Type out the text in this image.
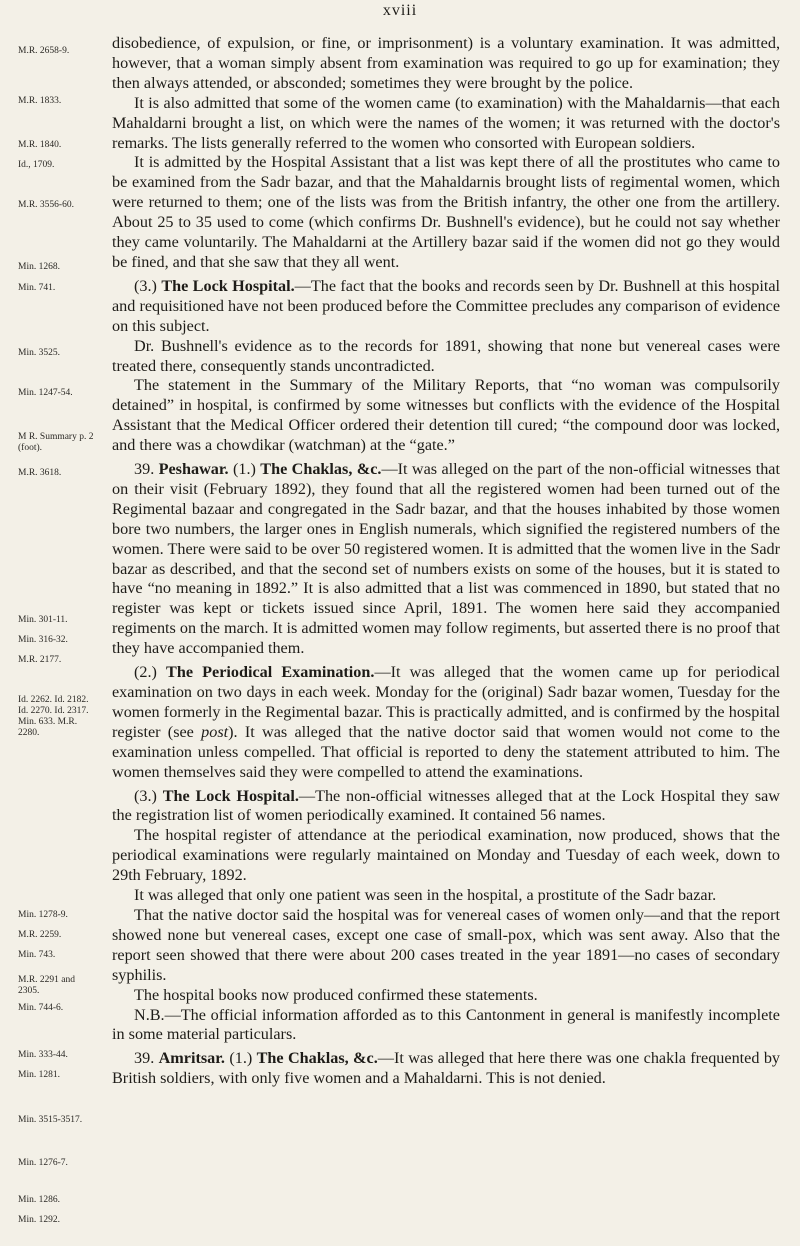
xviii
M.R. 2658-9.
M.R. 1833.
M.R. 1840.
Id., 1709.
M.R. 3556-60.
Min. 1268.
Min. 741.
Min. 3525.
Min. 1247-54.
M R. Summary p. 2 (foot).
M.R. 3618.
Min. 301-11.
Min. 316-32.
M.R. 2177.
Id. 2262. Id. 2182. Id. 2270. Id. 2317. Min. 633. M.R. 2280.
Min. 1278-9.
M.R. 2259.
Min. 743.
M.R. 2291 and 2305.
Min. 744-6.
Min. 333-44.
Min. 1281.
Min. 3515-3517.
Min. 1276-7.
Min. 1286.
Min. 1292.

disobedience, of expulsion, or fine, or imprisonment) is a voluntary examination. It was admitted, however, that a woman simply absent from examination was required to go up for examination; they then always attended, or absconded; sometimes they were brought by the police.

It is also admitted that some of the women came (to examination) with the Mahaldarnis—that each Mahaldarni brought a list, on which were the names of the women; it was returned with the doctor's remarks. The lists generally referred to the women who consorted with European soldiers.

It is admitted by the Hospital Assistant that a list was kept there of all the prostitutes who came to be examined from the Sadr bazar, and that the Mahaldarnis brought lists of regimental women, which were returned to them; one of the lists was from the British infantry, the other one from the artillery. About 25 to 35 used to come (which confirms Dr. Bushnell's evidence), but he could not say whether they came voluntarily. The Mahaldarni at the Artillery bazar said if the women did not go they would be fined, and that she saw that they all went.

(3.) The Lock Hospital.—The fact that the books and records seen by Dr. Bushnell at this hospital and requisitioned have not been produced before the Committee precludes any comparison of evidence on this subject.

Dr. Bushnell's evidence as to the records for 1891, showing that none but venereal cases were treated there, consequently stands uncontradicted.

The statement in the Summary of the Military Reports, that “no woman was compulsorily detained” in hospital, is confirmed by some witnesses but conflicts with the evidence of the Hospital Assistant that the Medical Officer ordered their detention till cured; “the compound door was locked, and there was a chowdikar (watchman) at the “gate.”

39. Peshawar. (1.) The Chaklas, &c.—It was alleged on the part of the non-official witnesses that on their visit (February 1892), they found that all the registered women had been turned out of the Regimental bazaar and congregated in the Sadr bazar, and that the houses inhabited by those women bore two numbers, the larger ones in English numerals, which signified the registered numbers of the women. There were said to be over 50 registered women. It is admitted that the women live in the Sadr bazar as described, and that the second set of numbers exists on some of the houses, but it is stated to have “no meaning in 1892.” It is also admitted that a list was commenced in 1890, but stated that no register was kept or tickets issued since April, 1891. The women here said they accompanied regiments on the march. It is admitted women may follow regiments, but asserted there is no proof that they have accompanied them.

(2.) The Periodical Examination.—It was alleged that the women came up for periodical examination on two days in each week. Monday for the (original) Sadr bazar women, Tuesday for the women formerly in the Regimental bazar. This is practically admitted, and is confirmed by the hospital register (see post). It was alleged that the native doctor said that women would not come to the examination unless compelled. That official is reported to deny the statement attributed to him. The women themselves said they were compelled to attend the examinations.

(3.) The Lock Hospital.—The non-official witnesses alleged that at the Lock Hospital they saw the registration list of women periodically examined. It contained 56 names.

The hospital register of attendance at the periodical examination, now produced, shows that the periodical examinations were regularly maintained on Monday and Tuesday of each week, down to 29th February, 1892.

It was alleged that only one patient was seen in the hospital, a prostitute of the Sadr bazar.

That the native doctor said the hospital was for venereal cases of women only—and that the report showed none but venereal cases, except one case of small-pox, which was sent away. Also that the report seen showed that there were about 200 cases treated in the year 1891—no cases of secondary syphilis.

The hospital books now produced confirmed these statements.

N.B.—The official information afforded as to this Cantonment in general is manifestly incomplete in some material particulars.

39. Amritsar. (1.) The Chaklas, &c.—It was alleged that here there was one chakla frequented by British soldiers, with only five women and a Mahaldarni. This is not denied.
